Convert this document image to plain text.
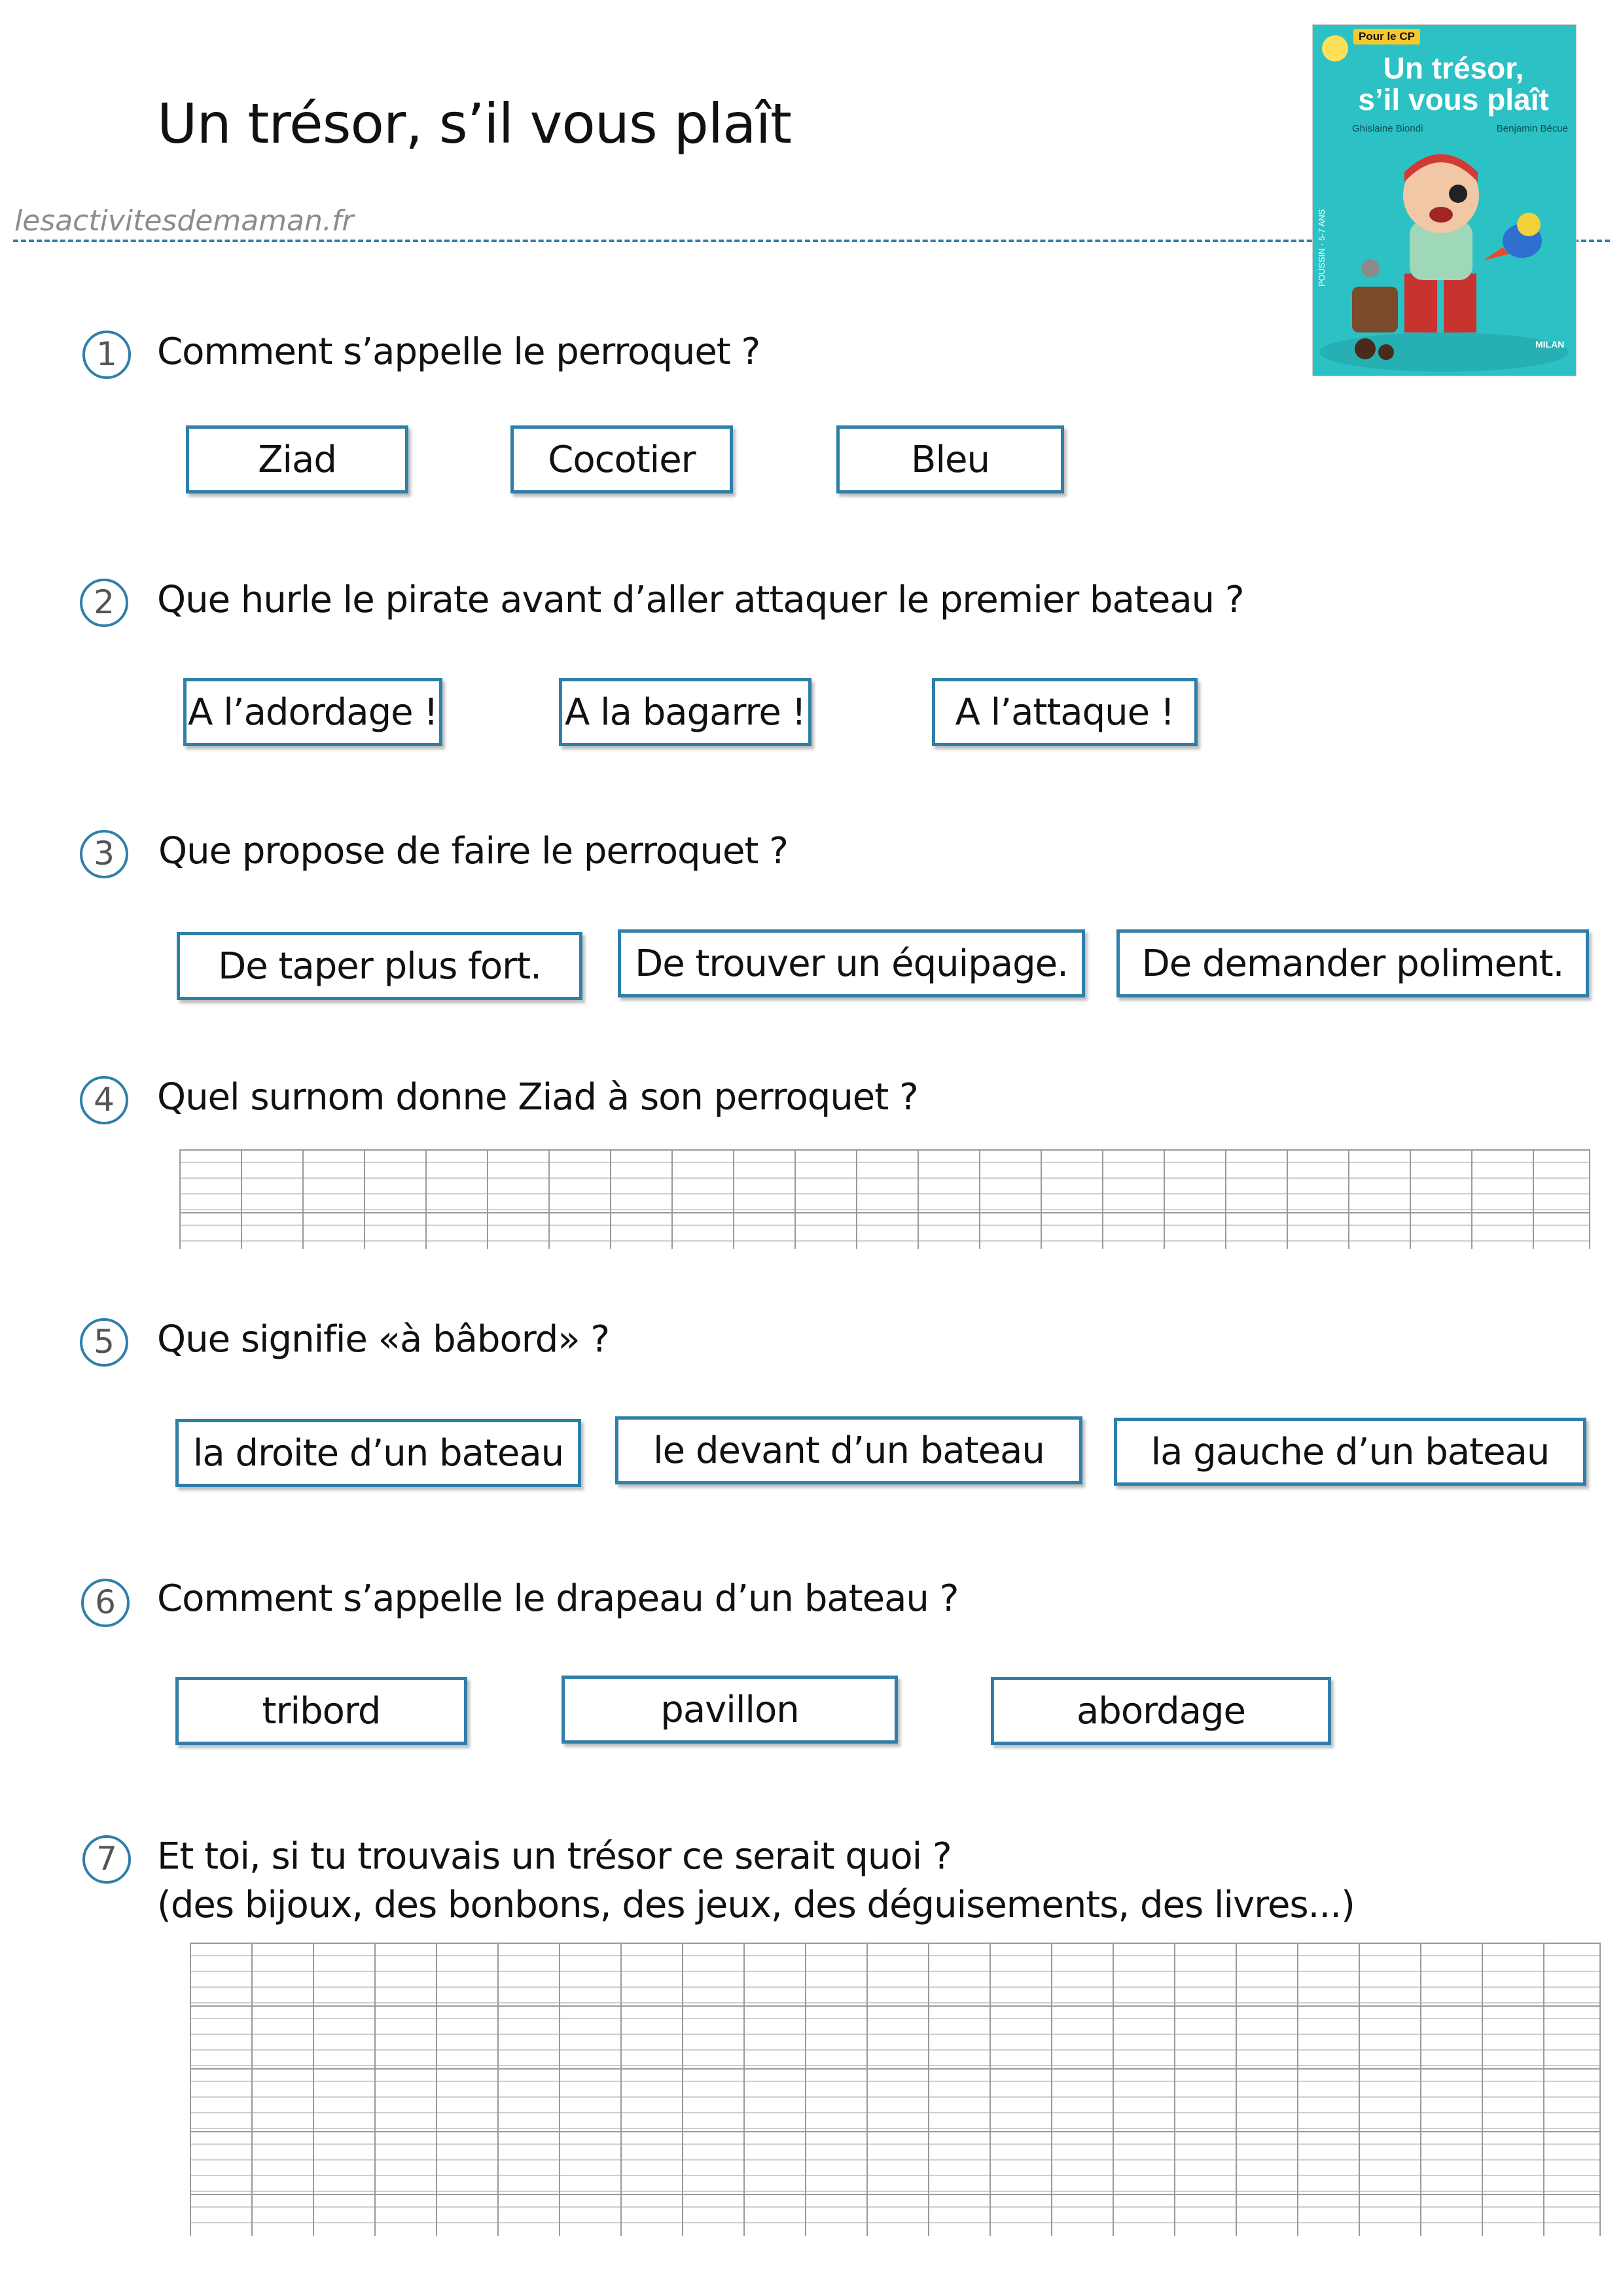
Un trésor, s’il vous plaît
lesactivitesdemaman.fr
Pour le CP
Un trésor,
s’il vous plaît
Ghislaine Biondi	Benjamin Bécue
POUSSIN · 5-7 ANS
MILAN
1	Comment s’appelle le perroquet ?
Ziad	Cocotier	Bleu
2	Que hurle le pirate avant d’aller attaquer le premier bateau ?
A l’adordage !	A la bagarre !	A l’attaque !
3	Que propose de faire le perroquet ?
De taper plus fort.	De trouver un équipage.	De demander poliment.
4	Quel surnom donne Ziad à son perroquet ?
5	Que signifie «à bâbord» ?
la droite d’un bateau	le devant d’un bateau	la gauche d’un bateau
6	Comment s’appelle le drapeau d’un bateau ?
tribord	pavillon	abordage
7	Et toi, si tu trouvais un trésor ce serait quoi ?
(des bijoux, des bonbons, des jeux, des déguisements, des livres...)
